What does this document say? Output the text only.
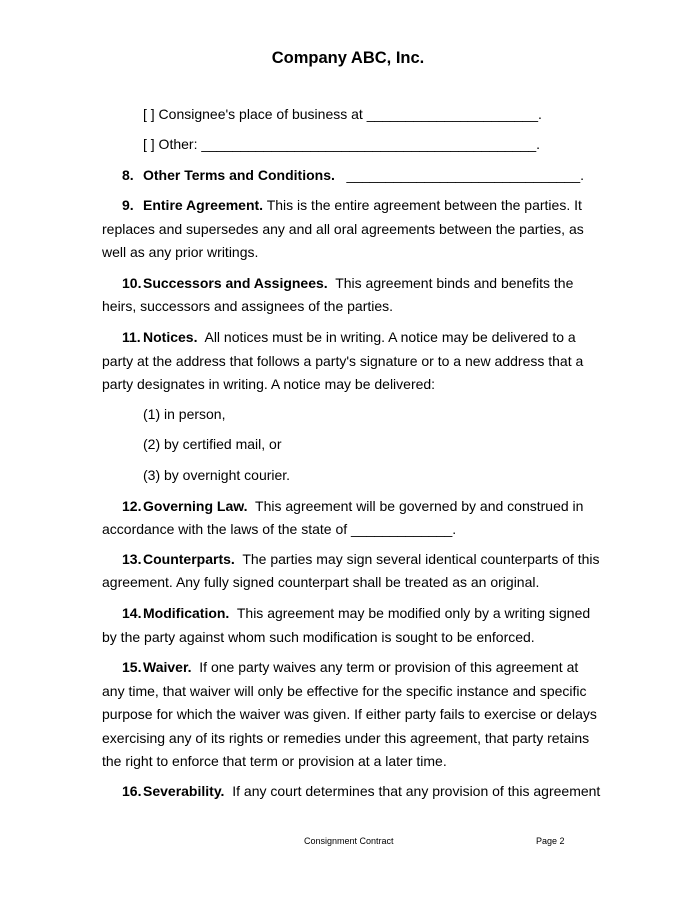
Company ABC, Inc.
[ ] Consignee's place of business at ______________________.
[ ] Other: ___________________________________________.
8. Other Terms and Conditions. ______________________________.
9. Entire Agreement. This is the entire agreement between the parties. It
replaces and supersedes any and all oral agreements between the parties, as
well as any prior writings.
10. Successors and Assignees. This agreement binds and benefits the
heirs, successors and assignees of the parties.
11. Notices. All notices must be in writing. A notice may be delivered to a
party at the address that follows a party's signature or to a new address that a
party designates in writing. A notice may be delivered:
(1) in person,
(2) by certified mail, or
(3) by overnight courier.
12. Governing Law. This agreement will be governed by and construed in
accordance with the laws of the state of _____________.
13. Counterparts. The parties may sign several identical counterparts of this
agreement. Any fully signed counterpart shall be treated as an original.
14. Modification. This agreement may be modified only by a writing signed
by the party against whom such modification is sought to be enforced.
15. Waiver. If one party waives any term or provision of this agreement at
any time, that waiver will only be effective for the specific instance and specific
purpose for which the waiver was given. If either party fails to exercise or delays
exercising any of its rights or remedies under this agreement, that party retains
the right to enforce that term or provision at a later time.
16. Severability. If any court determines that any provision of this agreement
Consignment Contract	Page 2
